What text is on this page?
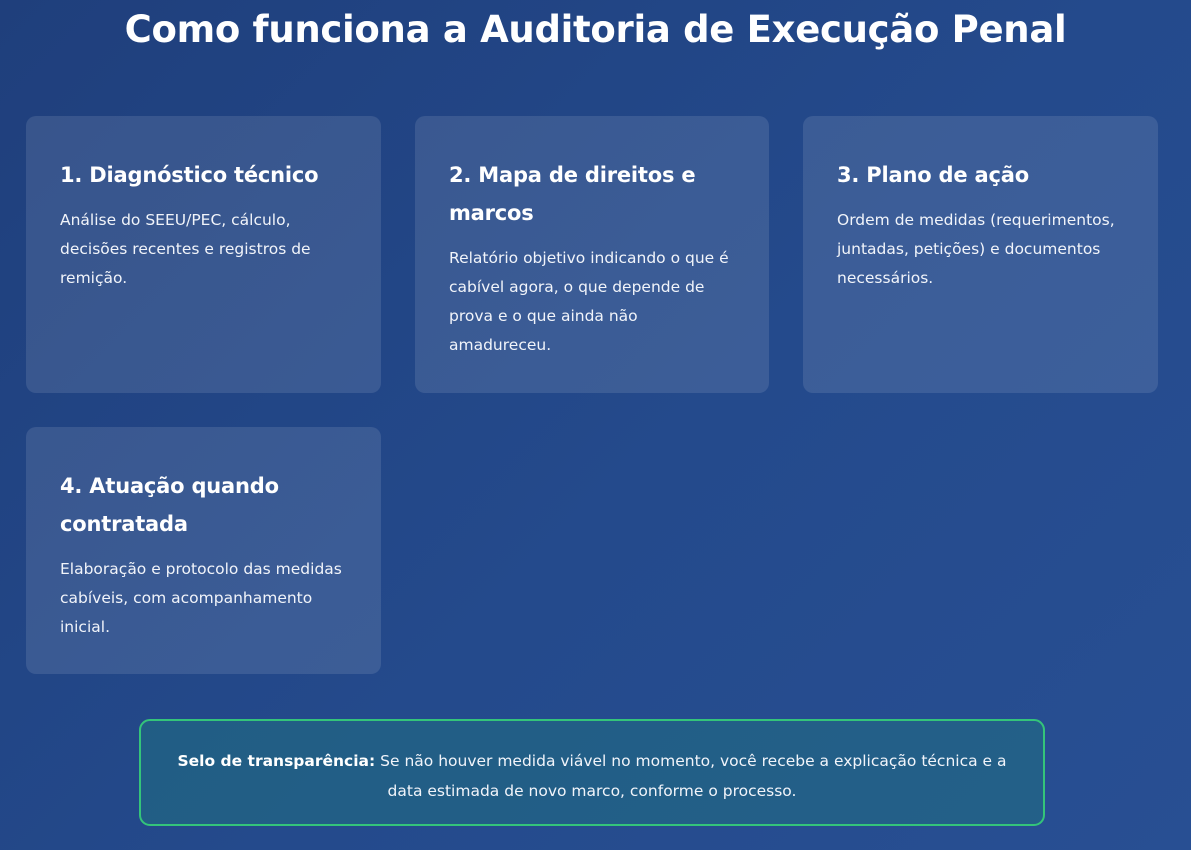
Como funciona a Auditoria de Execução Penal
1. Diagnóstico técnico

Análise do SEEU/PEC, cálculo, decisões recentes e registros de remição.

2. Mapa de direitos e marcos

Relatório objetivo indicando o que é cabível agora, o que depende de prova e o que ainda não amadureceu.

3. Plano de ação

Ordem de medidas (requerimentos, juntadas, petições) e documentos necessários.

4. Atuação quando contratada

Elaboração e protocolo das medidas cabíveis, com acompanhamento inicial.

Selo de transparência: Se não houver medida viável no momento, você recebe a explicação técnica e a data estimada de novo marco, conforme o processo.
